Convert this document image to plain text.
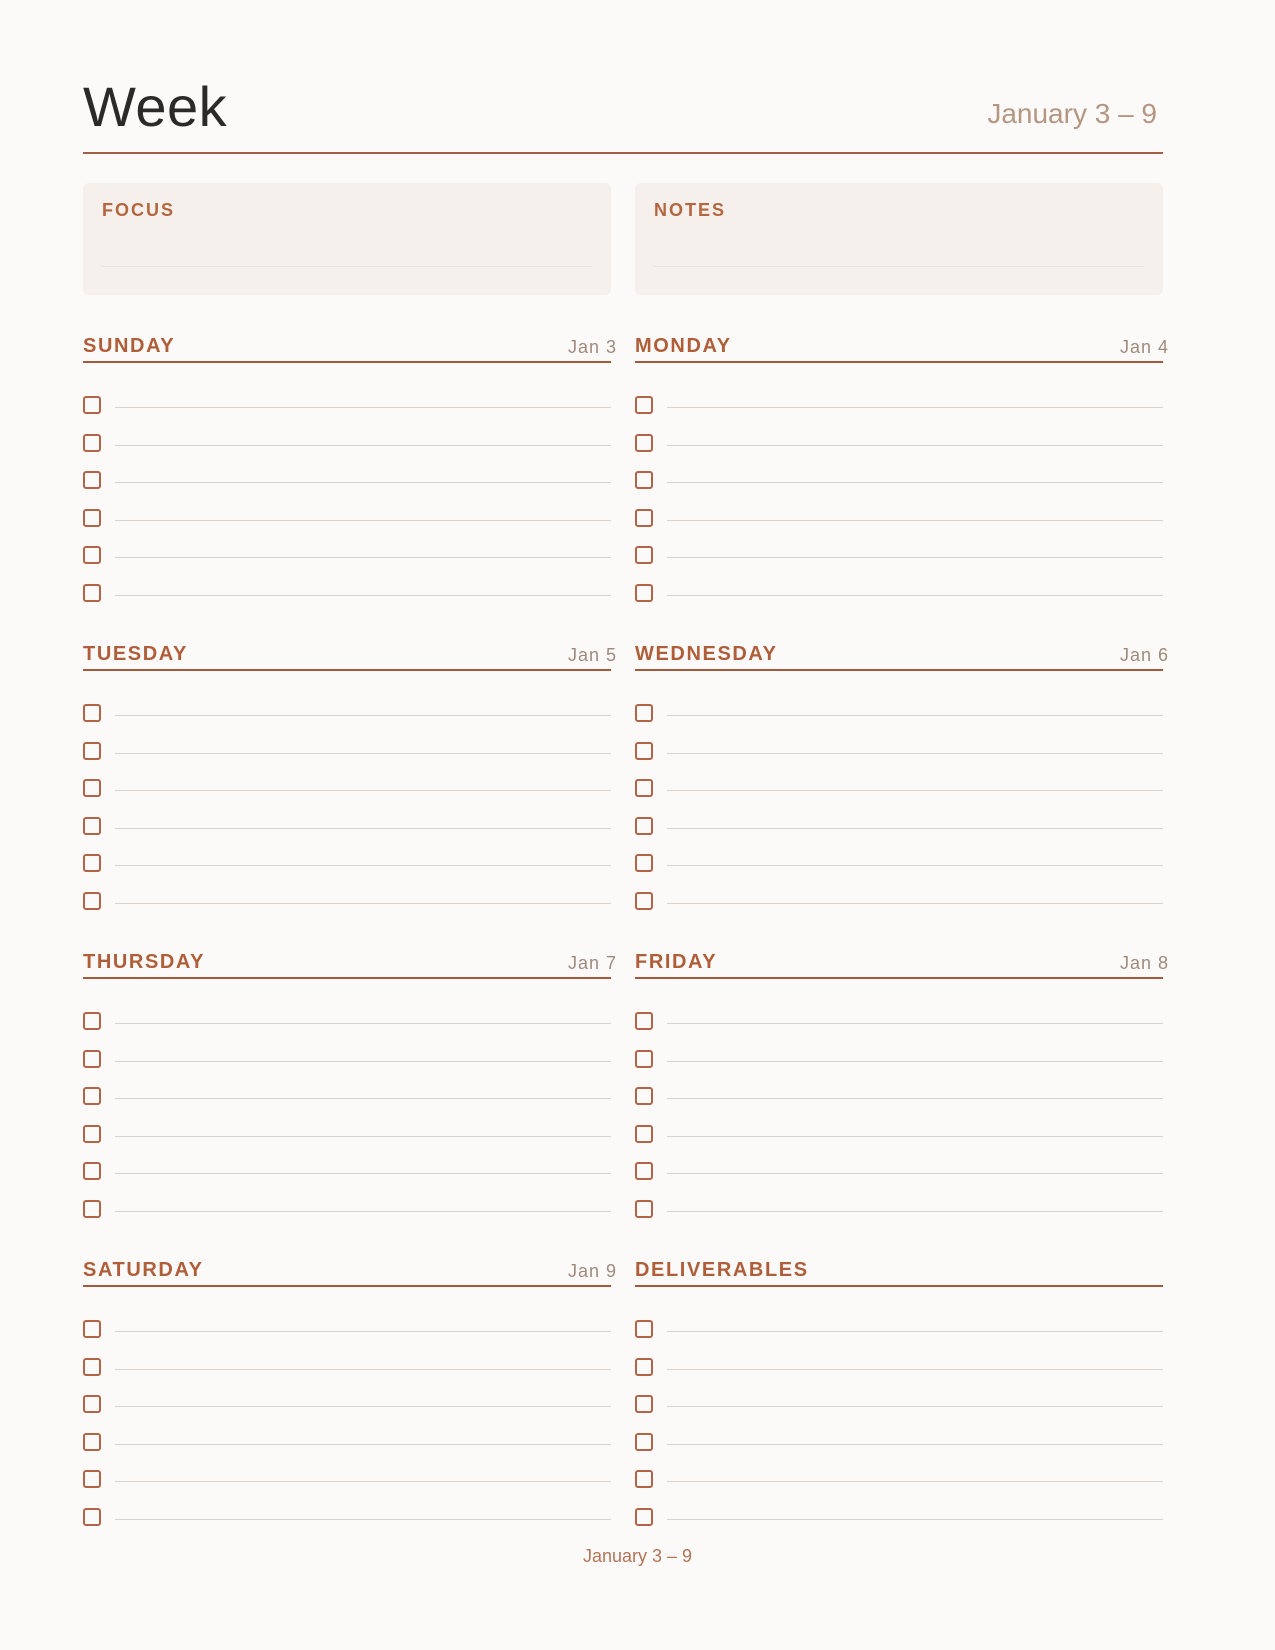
Week	January 3 – 9
FOCUS	NOTES
SUNDAY	Jan 3 MONDAY	Jan 4
TUESDAY	Jan 5 WEDNESDAY	Jan 6
THURSDAY	Jan 7 FRIDAY	Jan 8
SATURDAY	Jan 9 DELIVERABLES
January 3 – 9
